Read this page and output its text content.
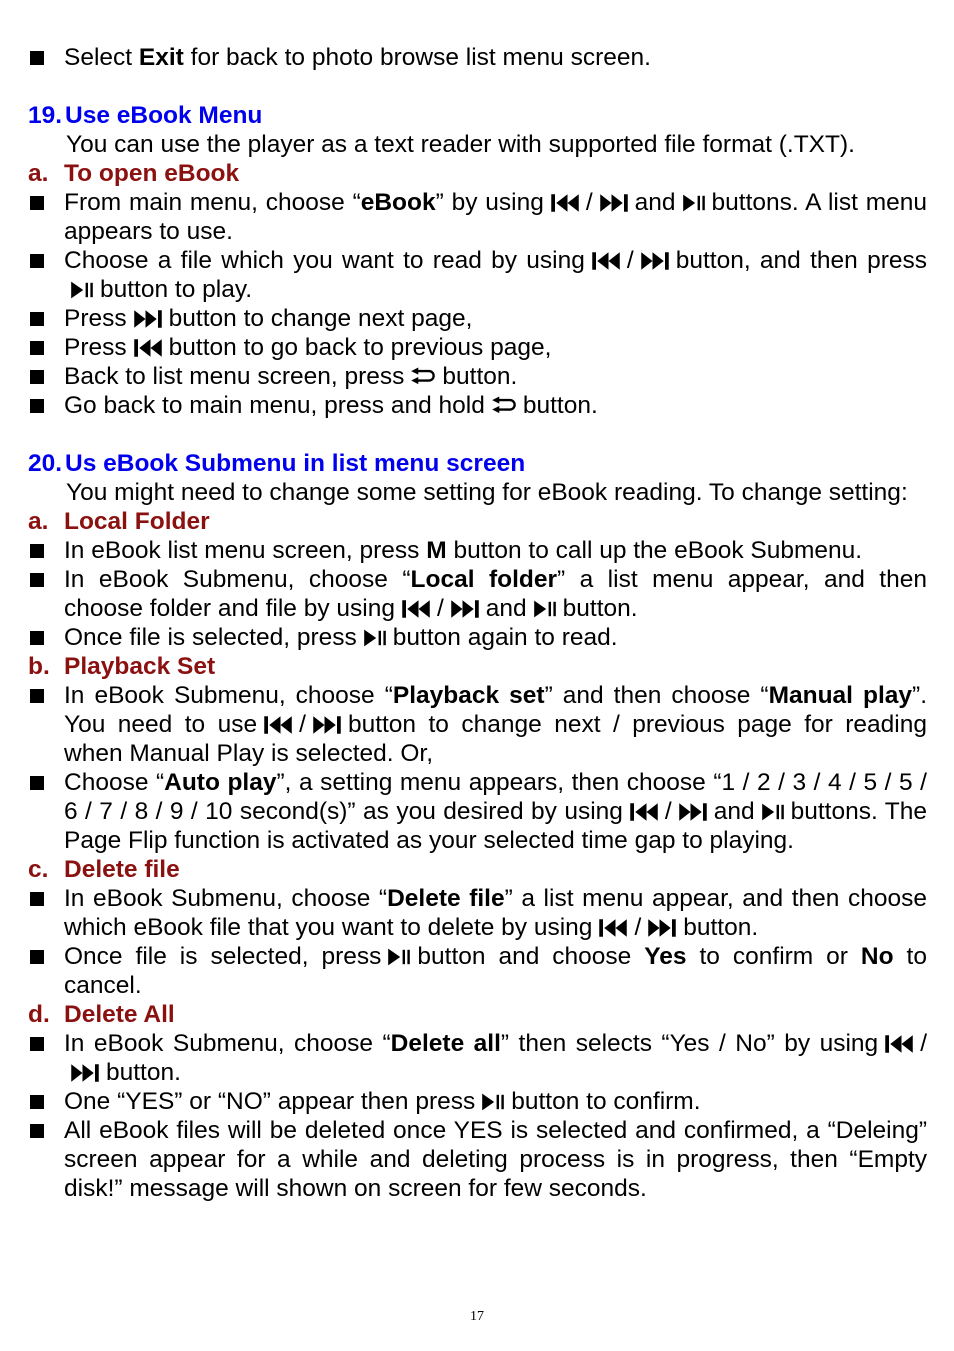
Select Exit for back to photo browse list menu screen.

19. Use eBook Menu

You can use the player as a text reader with supported file format (.TXT).

a. To open eBook

From main menu, choose “eBook” by using / and buttons. A list menu appears to use.

Choose a file which you want to read by using / button, and then pressbutton to play.

Press button to change next page,

Press button to go back to previous page,

Back to list menu screen, press button.

Go back to main menu, press and hold button.

20. Us eBook Submenu in list menu screen

You might need to change some setting for eBook reading. To change setting:

a. Local Folder

In eBook list menu screen, press M button to call up the eBook Submenu.

In eBook Submenu, choose “Local folder” a list menu appear, and then choose folder and file by using / and button.

Once file is selected, press button again to read.

b. Playback Set

In eBook Submenu, choose “Playback set” and then choose “Manual play”. You need to use / button to change next / previous page for reading when Manual Play is selected. Or,

Choose “Auto play”, a setting menu appears, then choose “1 / 2 / 3 / 4 / 5 / 5 / 6 / 7 / 8 / 9 / 10 second(s)” as you desired by using / and buttons. The Page Flip function is activated as your selected time gap to playing.

c. Delete file

In eBook Submenu, choose “Delete file” a list menu appear, and then choose which eBook file that you want to delete by using / button.

Once file is selected, press button and choose Yes to confirm or No to cancel.

d. Delete All

In eBook Submenu, choose “Delete all” then selects “Yes / No” by using /button.

One “YES” or “NO” appear then press button to confirm.

All eBook files will be deleted once YES is selected and confirmed, a “Deleing” screen appear for a while and deleting process is in progress, then “Empty disk!” message will shown on screen for few seconds.

17
